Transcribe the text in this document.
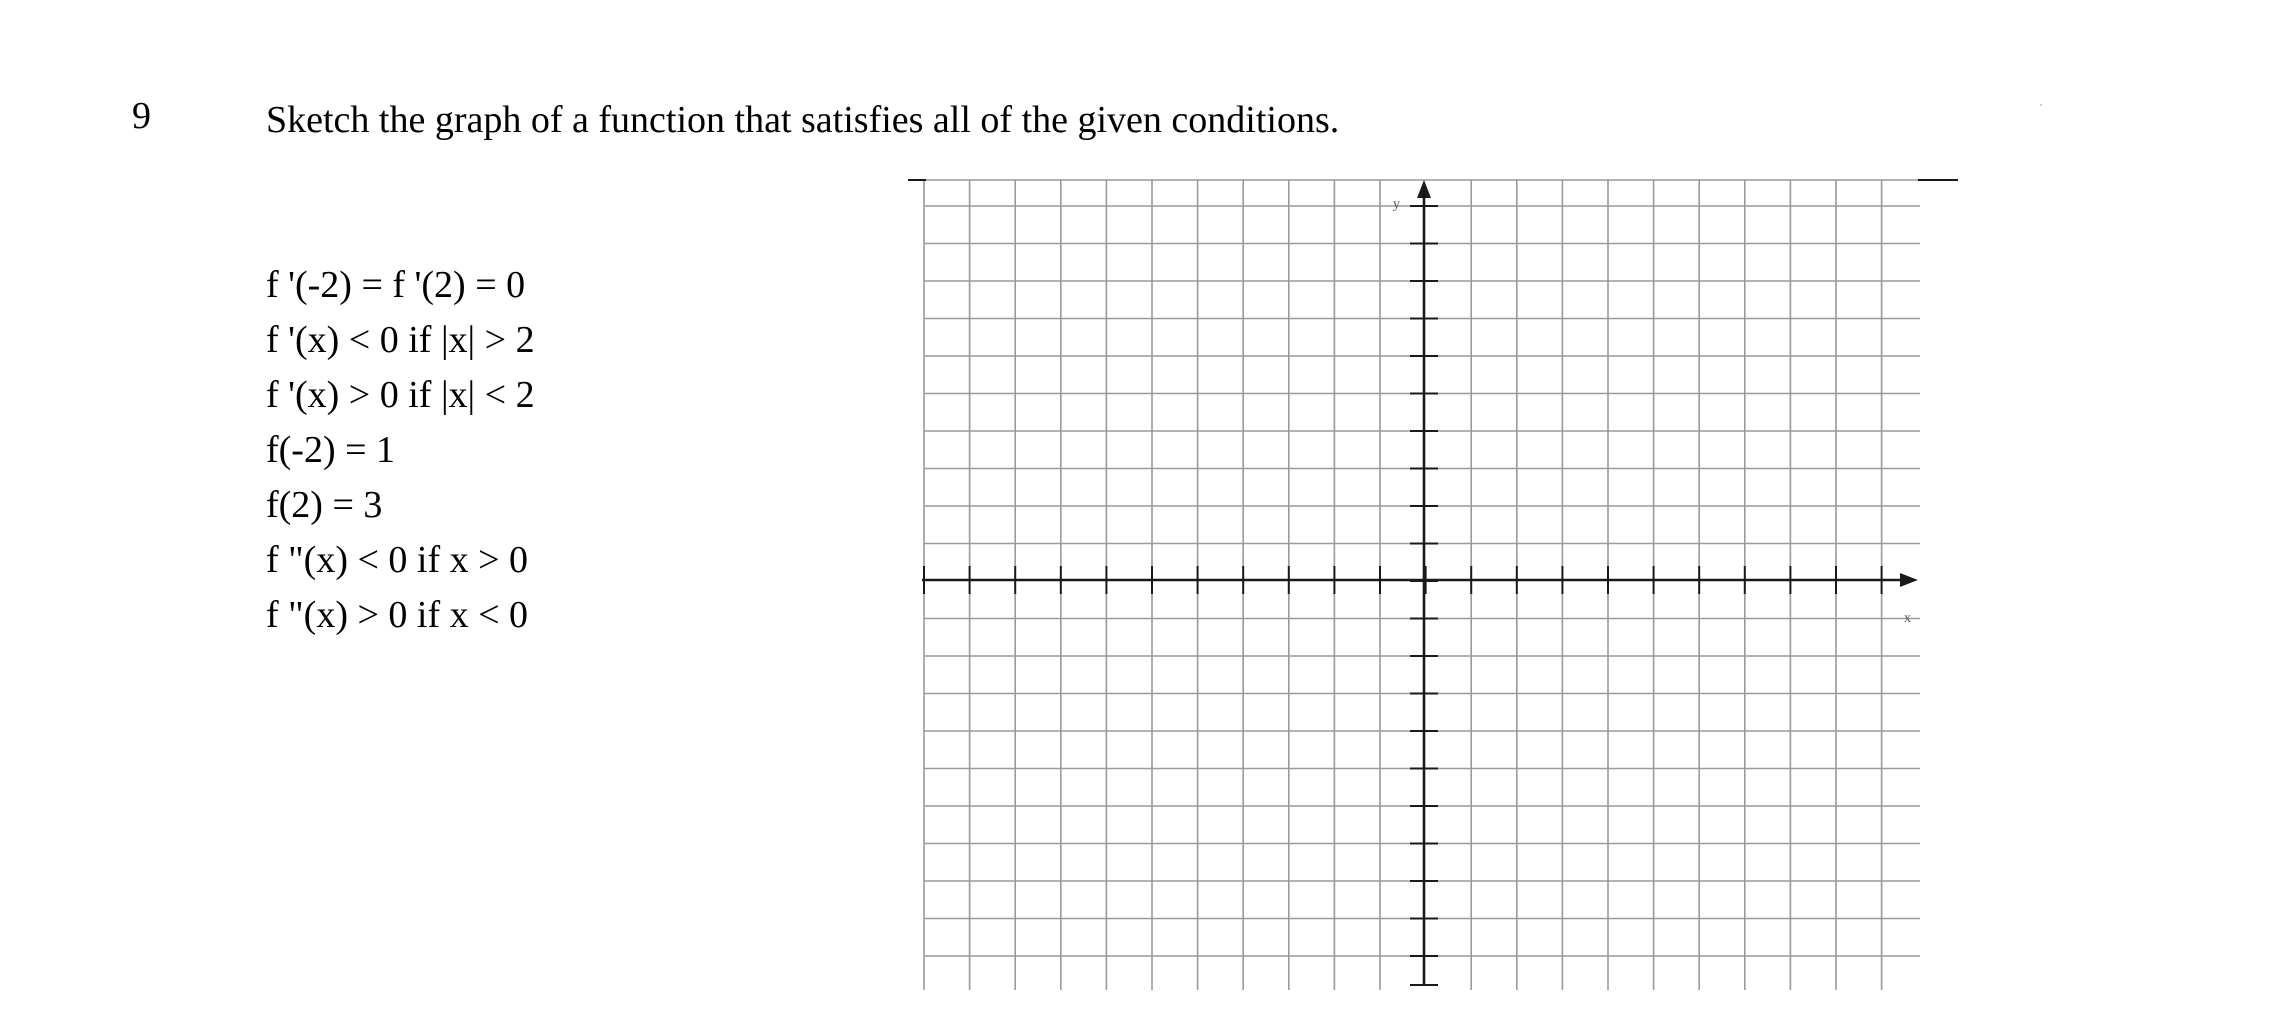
9	Sketch the graph of a function that satisfies all of the given conditions.
f '(-2) = f '(2) = 0
f '(x) < 0 if |x| > 2
f '(x) > 0 if |x| < 2
f(-2) = 1
f(2) = 3
f "(x) < 0 if x > 0
f "(x) > 0 if x < 0
y
x
